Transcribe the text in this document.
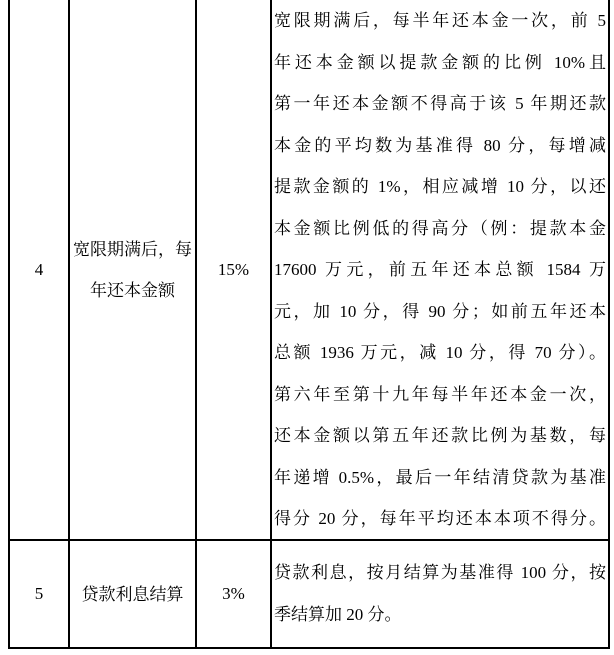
4
宽限期满后，每
年还本金额
15%
宽限期满后，每半年还本金一次，前 5
年还本金额以提款金额的比例 10%且
第一年还本金额不得高于该 5 年期还款
本金的平均数为基准得 80 分，每增减
提款金额的 1%，相应减增 10 分，以还
本金额比例低的得高分（例：提款本金
17600 万元，前五年还本总额 1584 万
元，加 10 分，得 90 分；如前五年还本
总额 1936 万元，减 10 分，得 70 分）。
第六年至第十九年每半年还本金一次，
还本金额以第五年还款比例为基数，每
年递增 0.5%，最后一年结清贷款为基准
得分 20 分，每年平均还本本项不得分。
5 贷款利息结算 3%
贷款利息，按月结算为基准得 100 分，按
季结算加 20 分。
